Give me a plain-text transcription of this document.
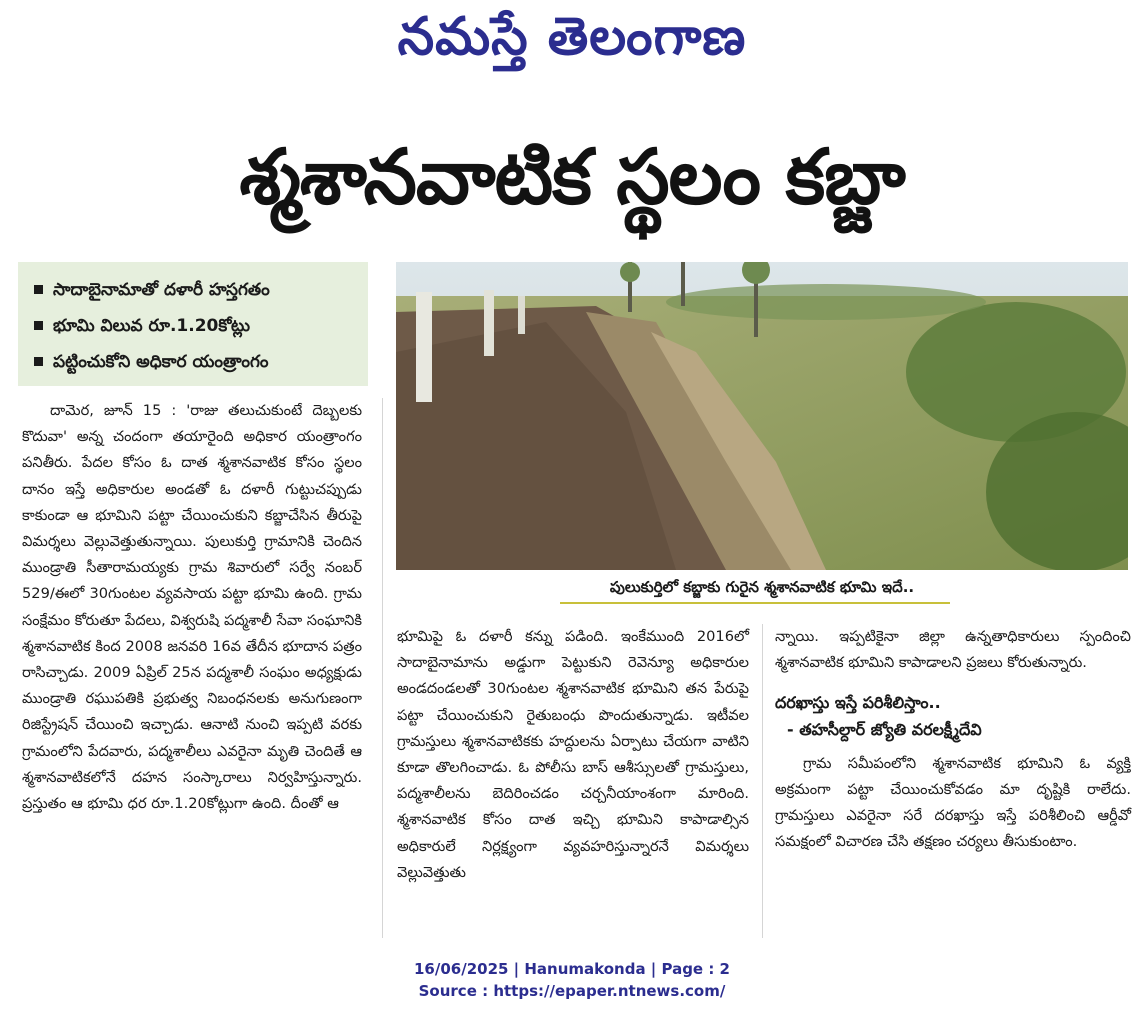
నమస్తే తెలంగాణ
శ్మశానవాటిక స్థలం కబ్జా
సాదాబైనామాతో దళారీ హస్తగతం
భూమి విలువ రూ.1.20కోట్లు
పట్టించుకోని అధికార యంత్రాంగం
పులుకుర్తిలో కబ్జాకు గురైన శ్మశానవాటిక భూమి ఇదే..

దామెర, జూన్ 15 : 'రాజు తలుచుకుంటే దెబ్బలకు కొదువా' అన్న చందంగా తయారైంది అధికార యంత్రాంగం పనితీరు. పేదల కోసం ఓ దాత శ్మశానవాటిక కోసం స్థలం దానం ఇస్తే అధికారుల అండతో ఓ దళారీ గుట్టుచప్పుడు కాకుండా ఆ భూమిని పట్టా చేయించుకుని కబ్జాచేసిన తీరుపై విమర్శలు వెల్లువెత్తుతున్నాయి. పులుకుర్తి గ్రామానికి చెందిన ముండ్రాతి సీతారామయ్యకు గ్రామ శివారులో సర్వే నంబర్ 529/ఈలో 30గుంటల వ్యవసాయ పట్టా భూమి ఉంది. గ్రామ సంక్షేమం కోరుతూ పేదలు, విశ్వరుషి పద్మశాలీ సేవా సంఘానికి శ్మశానవాటిక కింద 2008 జనవరి 16వ తేదీన భూదాన పత్రం రాసిచ్చాడు. 2009 ఏప్రిల్ 25న పద్మశాలీ సంఘం అధ్యక్షుడు ముండ్రాతి రఘుపతికి ప్రభుత్వ నిబంధనలకు అనుగుణంగా రిజిస్ట్రేషన్ చేయించి ఇచ్చాడు. ఆనాటి నుంచి ఇప్పటి వరకు గ్రామంలోని పేదవారు, పద్మశాలీలు ఎవరైనా మృతి చెందితే ఆ శ్మశానవాటికలోనే దహన సంస్కారాలు నిర్వహిస్తున్నారు. ప్రస్తుతం ఆ భూమి ధర రూ.1.20కోట్లుగా ఉంది. దీంతో ఆ

భూమిపై ఓ దళారీ కన్ను పడింది. ఇంకేముంది 2016లో సాదాబైనామాను అడ్డుగా పెట్టుకుని రెవెన్యూ అధికారుల అండదండలతో 30గుంటల శ్మశానవాటిక భూమిని తన పేరుపై పట్టా చేయించుకుని రైతుబంధు పొందుతున్నాడు. ఇటీవల గ్రామస్తులు శ్మశానవాటికకు హద్దులను ఏర్పాటు చేయగా వాటిని కూడా తొలగించాడు. ఓ పోలీసు బాస్ ఆశీస్సులతో గ్రామస్తులు, పద్మశాలీలను బెదిరించడం చర్చనీయాంశంగా మారింది. శ్మశానవాటిక కోసం దాత ఇచ్చి భూమిని కాపాడాల్సిన అధికారులే నిర్లక్ష్యంగా వ్యవహరిస్తున్నారనే విమర్శలు వెల్లువెత్తుతు

న్నాయి. ఇప్పటికైనా జిల్లా ఉన్నతాధికారులు స్పందించి శ్మశానవాటిక భూమిని కాపాడాలని ప్రజలు కోరుతున్నారు.

దరఖాస్తు ఇస్తే పరిశీలిస్తాం..

- తహసీల్దార్ జ్యోతి వరలక్ష్మీదేవి

గ్రామ సమీపంలోని శ్మశానవాటిక భూమిని ఓ వ్యక్తి అక్రమంగా పట్టా చేయించుకోవడం మా దృష్టికి రాలేదు. గ్రామస్తులు ఎవరైనా సరే దరఖాస్తు ఇస్తే పరిశీలించి ఆర్డీవో సమక్షంలో విచారణ చేసి తక్షణం చర్యలు తీసుకుంటాం.

16/06/2025 | Hanumakonda | Page : 2
Source : https://epaper.ntnews.com/
